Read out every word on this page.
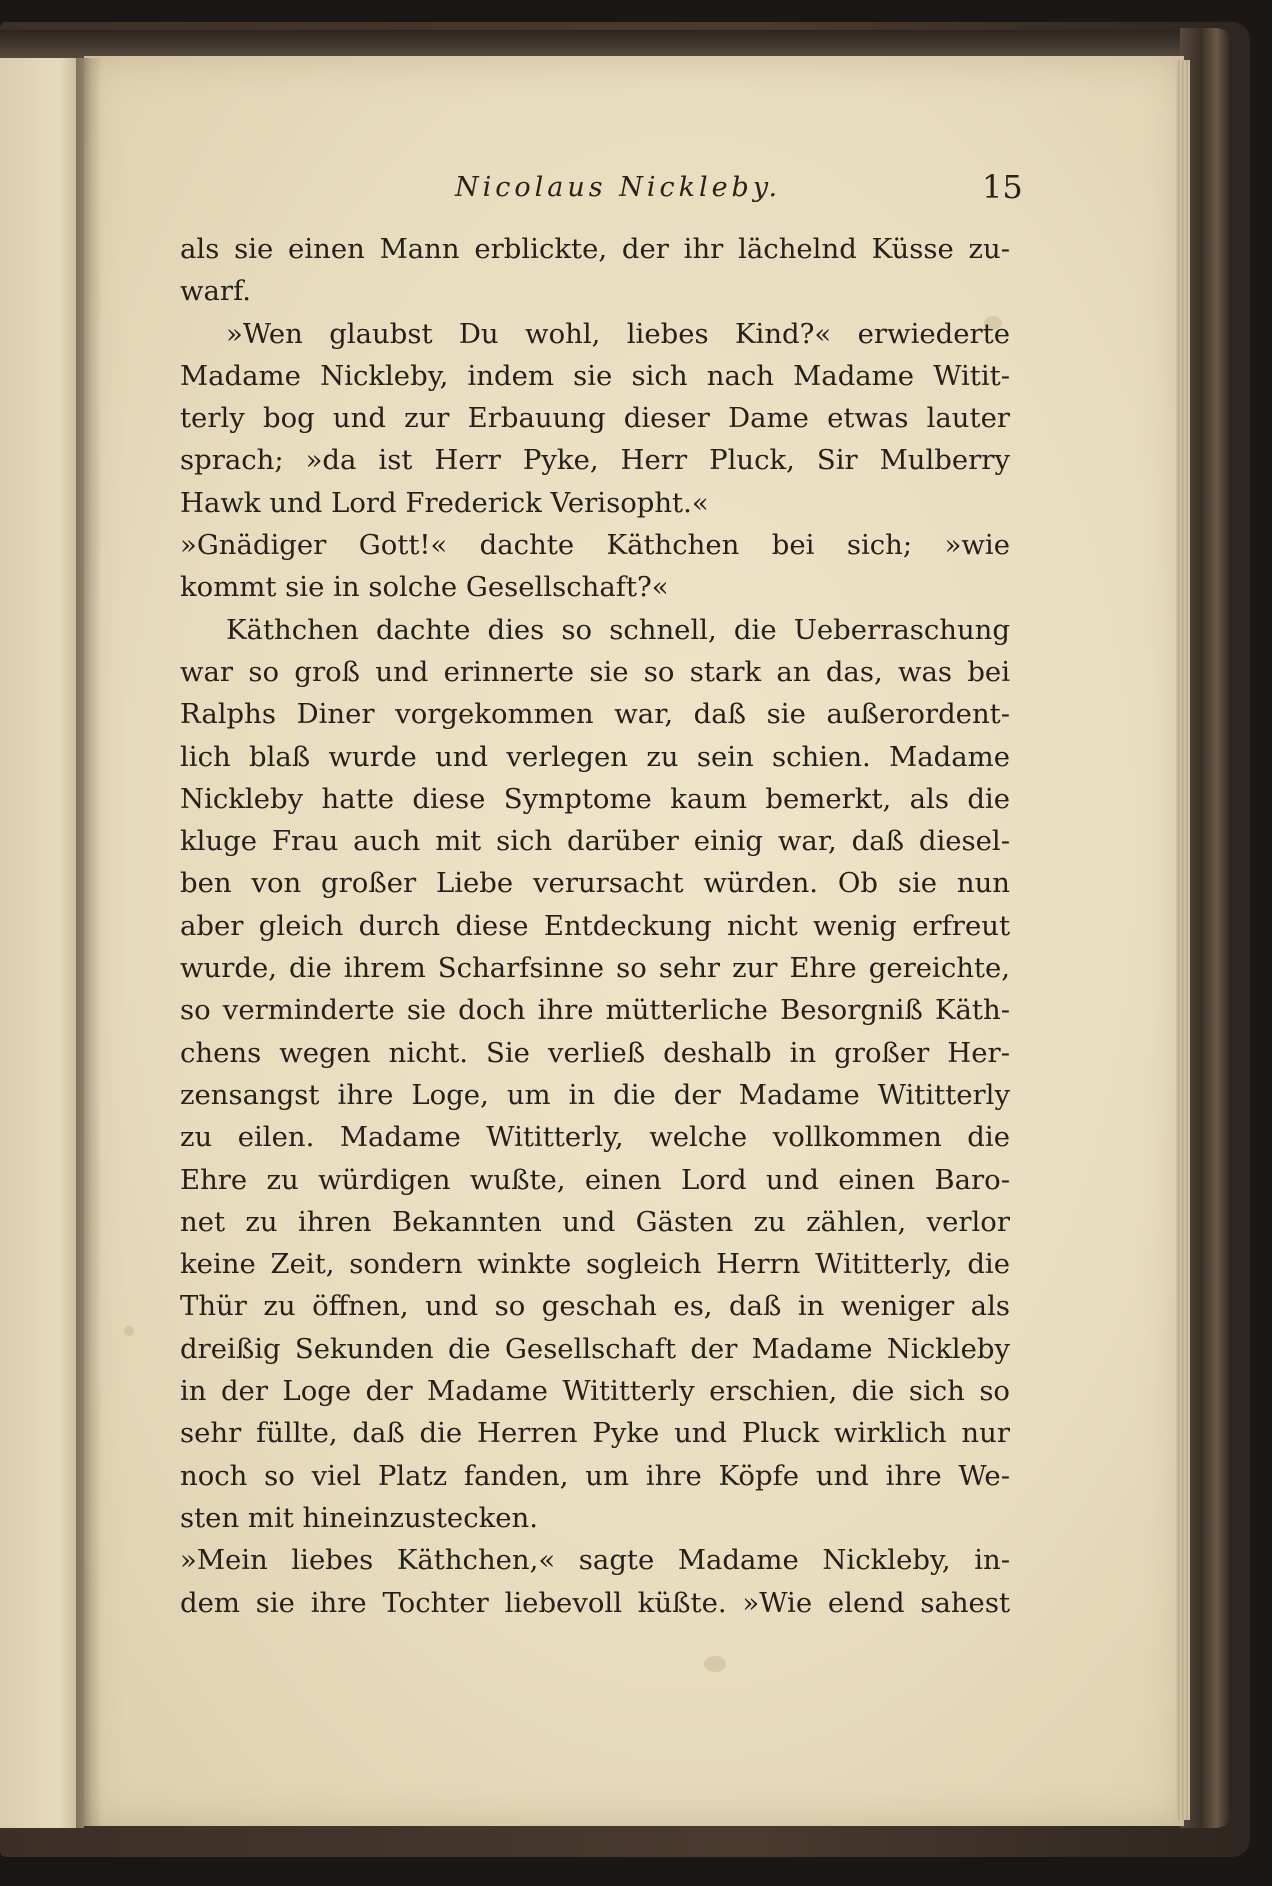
Nicolaus Nickleby.	15
als sie einen Mann erblickte, der ihr lächelnd Küsse zu-
warf.
»Wen glaubst Du wohl, liebes Kind?« erwiederte
Madame Nickleby, indem sie sich nach Madame Witit-
terly bog und zur Erbauung dieser Dame etwas lauter
sprach; »da ist Herr Pyke, Herr Pluck, Sir Mulberry
Hawk und Lord Frederick Verisopht.«
»Gnädiger Gott!« dachte Käthchen bei sich; »wie
kommt sie in solche Gesellschaft?«
Käthchen dachte dies so schnell, die Ueberraschung
war so groß und erinnerte sie so stark an das, was bei
Ralphs Diner vorgekommen war, daß sie außerordent-
lich blaß wurde und verlegen zu sein schien. Madame
Nickleby hatte diese Symptome kaum bemerkt, als die
kluge Frau auch mit sich darüber einig war, daß diesel-
ben von großer Liebe verursacht würden. Ob sie nun
aber gleich durch diese Entdeckung nicht wenig erfreut
wurde, die ihrem Scharfsinne so sehr zur Ehre gereichte,
so verminderte sie doch ihre mütterliche Besorgniß Käth-
chens wegen nicht. Sie verließ deshalb in großer Her-
zensangst ihre Loge, um in die der Madame Wititterly
zu eilen. Madame Wititterly, welche vollkommen die
Ehre zu würdigen wußte, einen Lord und einen Baro-
net zu ihren Bekannten und Gästen zu zählen, verlor
keine Zeit, sondern winkte sogleich Herrn Wititterly, die
Thür zu öffnen, und so geschah es, daß in weniger als
dreißig Sekunden die Gesellschaft der Madame Nickleby
in der Loge der Madame Wititterly erschien, die sich so
sehr füllte, daß die Herren Pyke und Pluck wirklich nur
noch so viel Platz fanden, um ihre Köpfe und ihre We-
sten mit hineinzustecken.
»Mein liebes Käthchen,« sagte Madame Nickleby, in-
dem sie ihre Tochter liebevoll küßte. »Wie elend sahest
